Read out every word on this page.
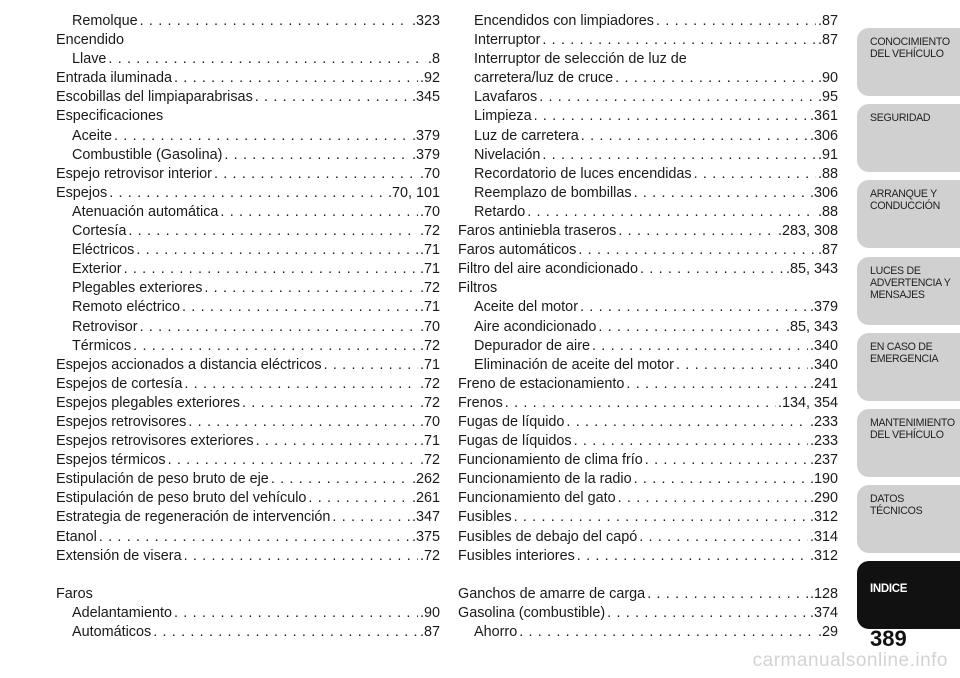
Remolque . . .	.323
Encendido
Llave . . .	.8
Entrada iluminada . . .	.92
Escobillas del limpiaparabrisas . . .	.345
Especificaciones
Aceite . . .	.379
Combustible (Gasolina) . . .	.379
Espejo retrovisor interior . . .	.70
Espejos . . .	.70, 101
Atenuación automática . . .	.70
Cortesía . . .	.72
Eléctricos . . .	.71
Exterior . . .	.71
Plegables exteriores . . .	.72
Remoto eléctrico . . .	.71
Retrovisor . . .	.70
Térmicos . . .	.72
Espejos accionados a distancia eléctricos . . .	.71
Espejos de cortesía . . .	.72
Espejos plegables exteriores . . .	.72
Espejos retrovisores . . .	.70
Espejos retrovisores exteriores . . .	.71
Espejos térmicos . . .	.72
Estipulación de peso bruto de eje . . .	.262
Estipulación de peso bruto del vehículo . . .	.261
Estrategia de regeneración de intervención . . .	.347
Etanol . . .	.375
Extensión de visera . . .	.72
Faros
Adelantamiento . . .	.90
Automáticos . . .	.87
Encendidos con limpiadores . . .	.87
Interruptor . . .	.87
Interruptor de selección de luz de
carretera/luz de cruce . . .	.90
Lavafaros . . .	.95
Limpieza . . .	.361
Luz de carretera . . .	.306
Nivelación . . .	.91
Recordatorio de luces encendidas . . .	.88
Reemplazo de bombillas . . .	.306
Retardo . . .	.88
Faros antiniebla traseros . . .	.283, 308
Faros automáticos . . .	.87
Filtro del aire acondicionado . . .	.85, 343
Filtros
Aceite del motor . . .	.379
Aire acondicionado . . .	.85, 343
Depurador de aire . . .	.340
Eliminación de aceite del motor . . .	.340
Freno de estacionamiento . . .	.241
Frenos . . .	.134, 354
Fugas de líquido . . .	.233
Fugas de líquidos . . .	.233
Funcionamiento de clima frío . . .	.237
Funcionamiento de la radio . . .	.190
Funcionamiento del gato . . .	.290
Fusibles . . .	.312
Fusibles de debajo del capó . . .	.314
Fusibles interiores . . .	.312
Ganchos de amarre de carga . . .	.128
Gasolina (combustible) . . .	.374
Ahorro . . .	.29
CONOCIMIENTO DEL VEHÍCULO
SEGURIDAD
ARRANQUE Y CONDUCCIÓN
LUCES DE ADVERTENCIA Y MENSAJES
EN CASO DE EMERGENCIA
MANTENIMIENTO DEL VEHÍCULO
DATOS TÉCNICOS
INDICE
389
carmanualsonline.info
